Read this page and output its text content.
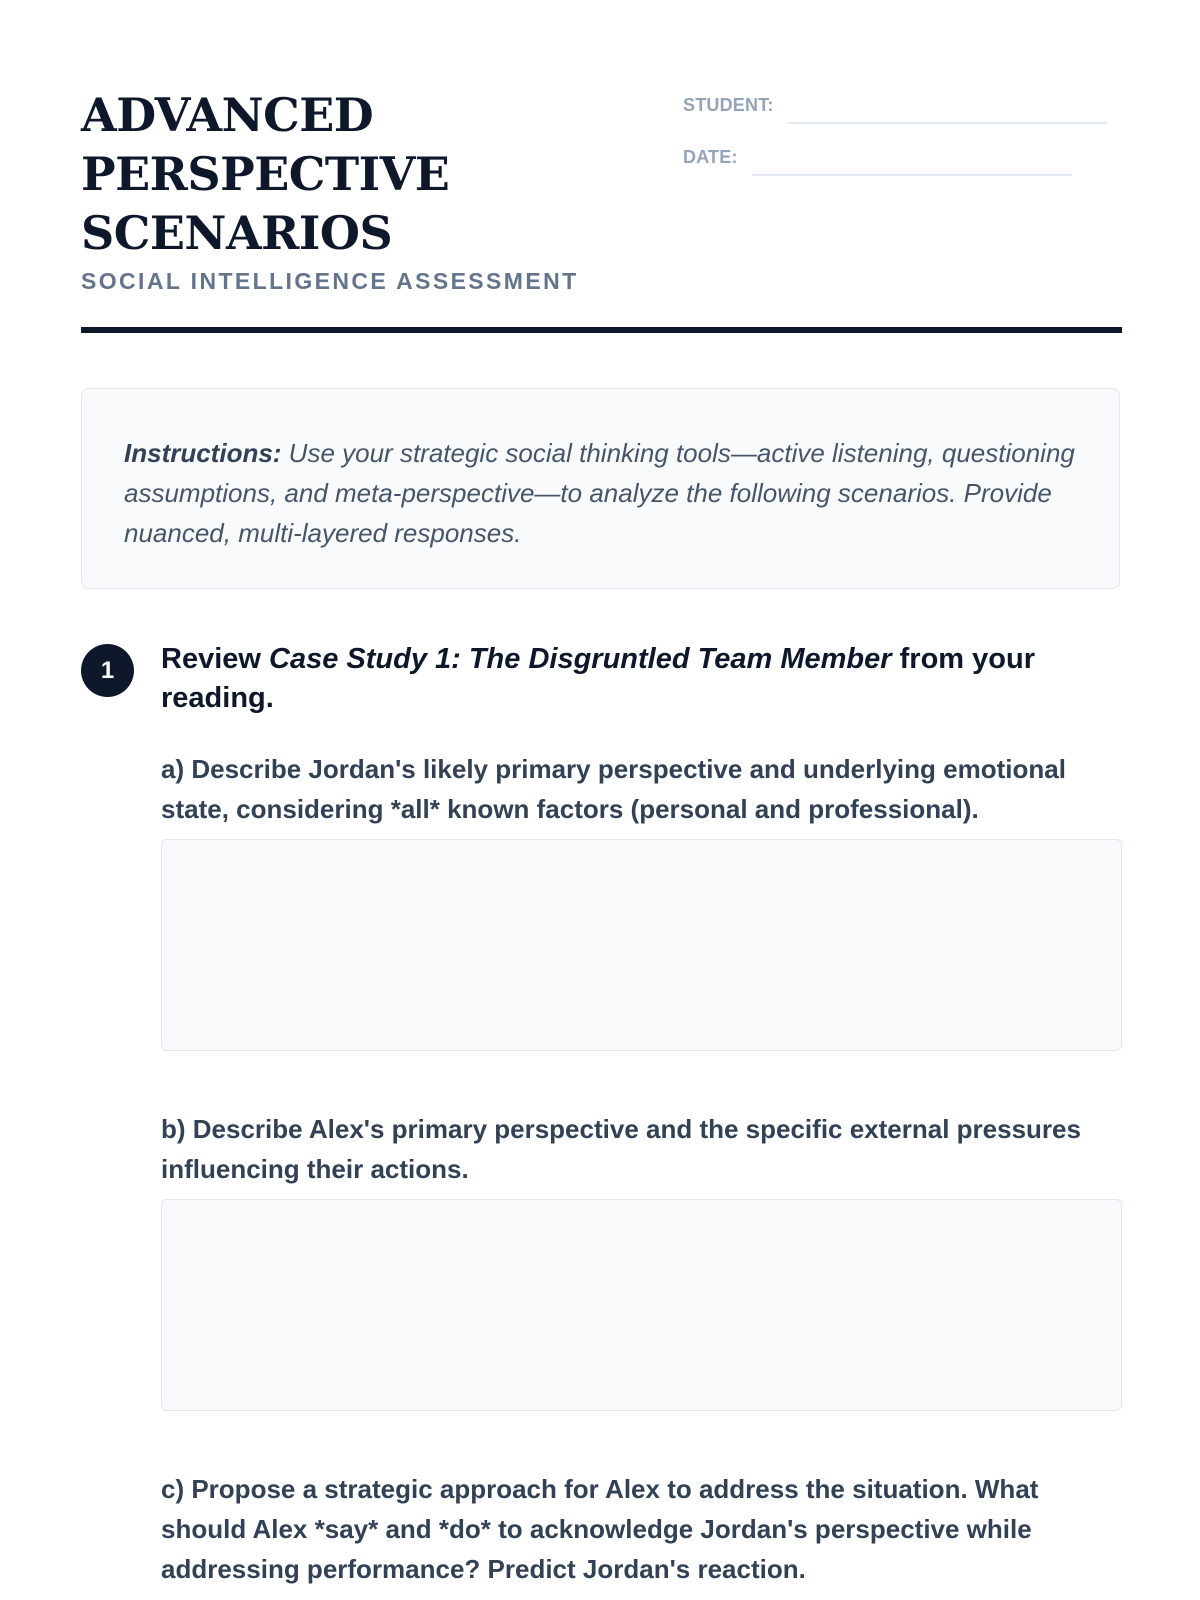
ADVANCED
PERSPECTIVE
SCENARIOS
SOCIAL INTELLIGENCE ASSESSMENT
STUDENT:
DATE:
Instructions: Use your strategic social thinking tools—active listening, questioning assumptions, and meta-perspective—to analyze the following scenarios. Provide nuanced, multi-layered responses.
1	Review Case Study 1: The Disgruntled Team Member from your reading.
a) Describe Jordan's likely primary perspective and underlying emotional state, considering *all* known factors (personal and professional).
b) Describe Alex's primary perspective and the specific external pressures influencing their actions.
c) Propose a strategic approach for Alex to address the situation. What should Alex *say* and *do* to acknowledge Jordan's perspective while addressing performance? Predict Jordan's reaction.
